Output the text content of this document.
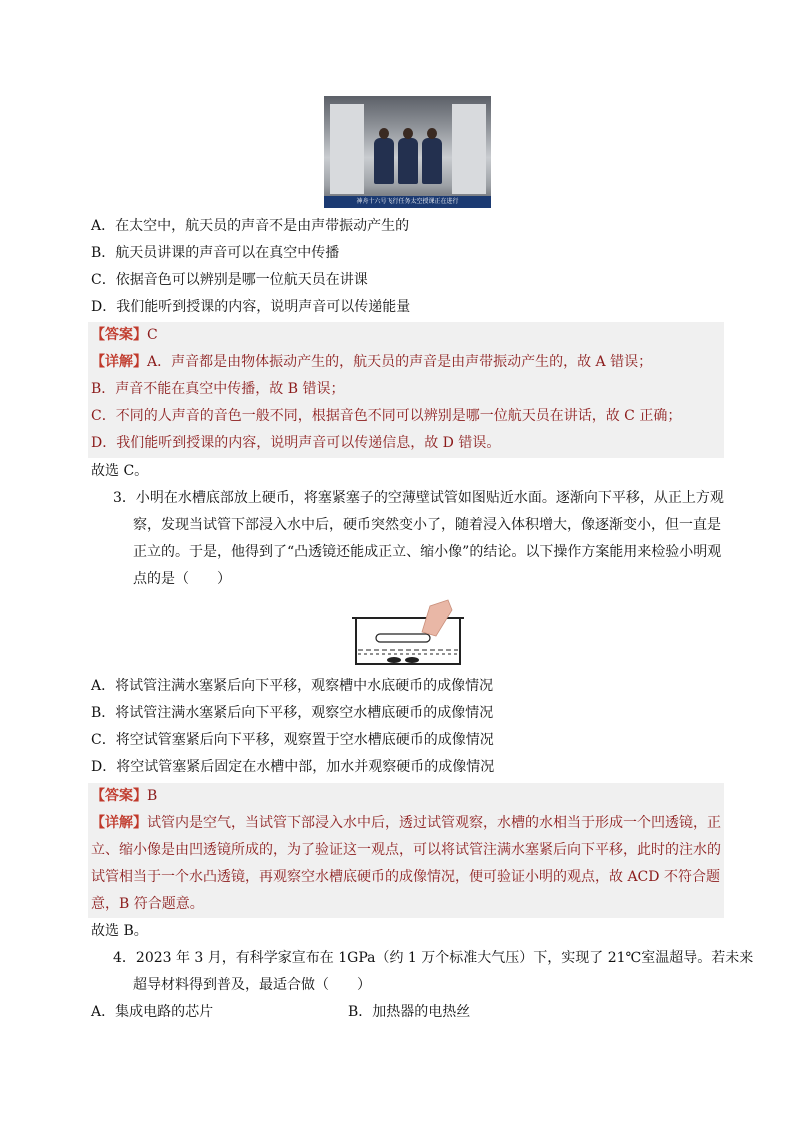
神舟十六号飞行任务太空授课正在进行
A．在太空中，航天员的声音不是由声带振动产生的
B．航天员讲课的声音可以在真空中传播
C．依据音色可以辨别是哪一位航天员在讲课
D．我们能听到授课的内容，说明声音可以传递能量
【答案】C
【详解】A．声音都是由物体振动产生的，航天员的声音是由声带振动产生的，故 A 错误；
B．声音不能在真空中传播，故 B 错误；
C．不同的人声音的音色一般不同，根据音色不同可以辨别是哪一位航天员在讲话，故 C 正确；
D．我们能听到授课的内容，说明声音可以传递信息，故 D 错误。
故选 C。
3．小明在水槽底部放上硬币，将塞紧塞子的空薄壁试管如图贴近水面。逐渐向下平移，从正上方观
察，发现当试管下部浸入水中后，硬币突然变小了，随着浸入体积增大，像逐渐变小，但一直是
正立的。于是，他得到了“凸透镜还能成正立、缩小像”的结论。以下操作方案能用来检验小明观
点的是（　　）
A．将试管注满水塞紧后向下平移，观察槽中水底硬币的成像情况
B．将试管注满水塞紧后向下平移，观察空水槽底硬币的成像情况
C．将空试管塞紧后向下平移，观察置于空水槽底硬币的成像情况
D．将空试管塞紧后固定在水槽中部，加水并观察硬币的成像情况
【答案】B
【详解】试管内是空气，当试管下部浸入水中后，透过试管观察，水槽的水相当于形成一个凹透镜，正
立、缩小像是由凹透镜所成的，为了验证这一观点，可以将试管注满水塞紧后向下平移，此时的注水的
试管相当于一个水凸透镜，再观察空水槽底硬币的成像情况，便可验证小明的观点，故 ACD 不符合题
意，B 符合题意。
故选 B。
4．2023 年 3 月，有科学家宣布在 1GPa（约 1 万个标准大气压）下，实现了 21℃室温超导。若未来
超导材料得到普及，最适合做（　　）
A．集成电路的芯片	B．加热器的电热丝
